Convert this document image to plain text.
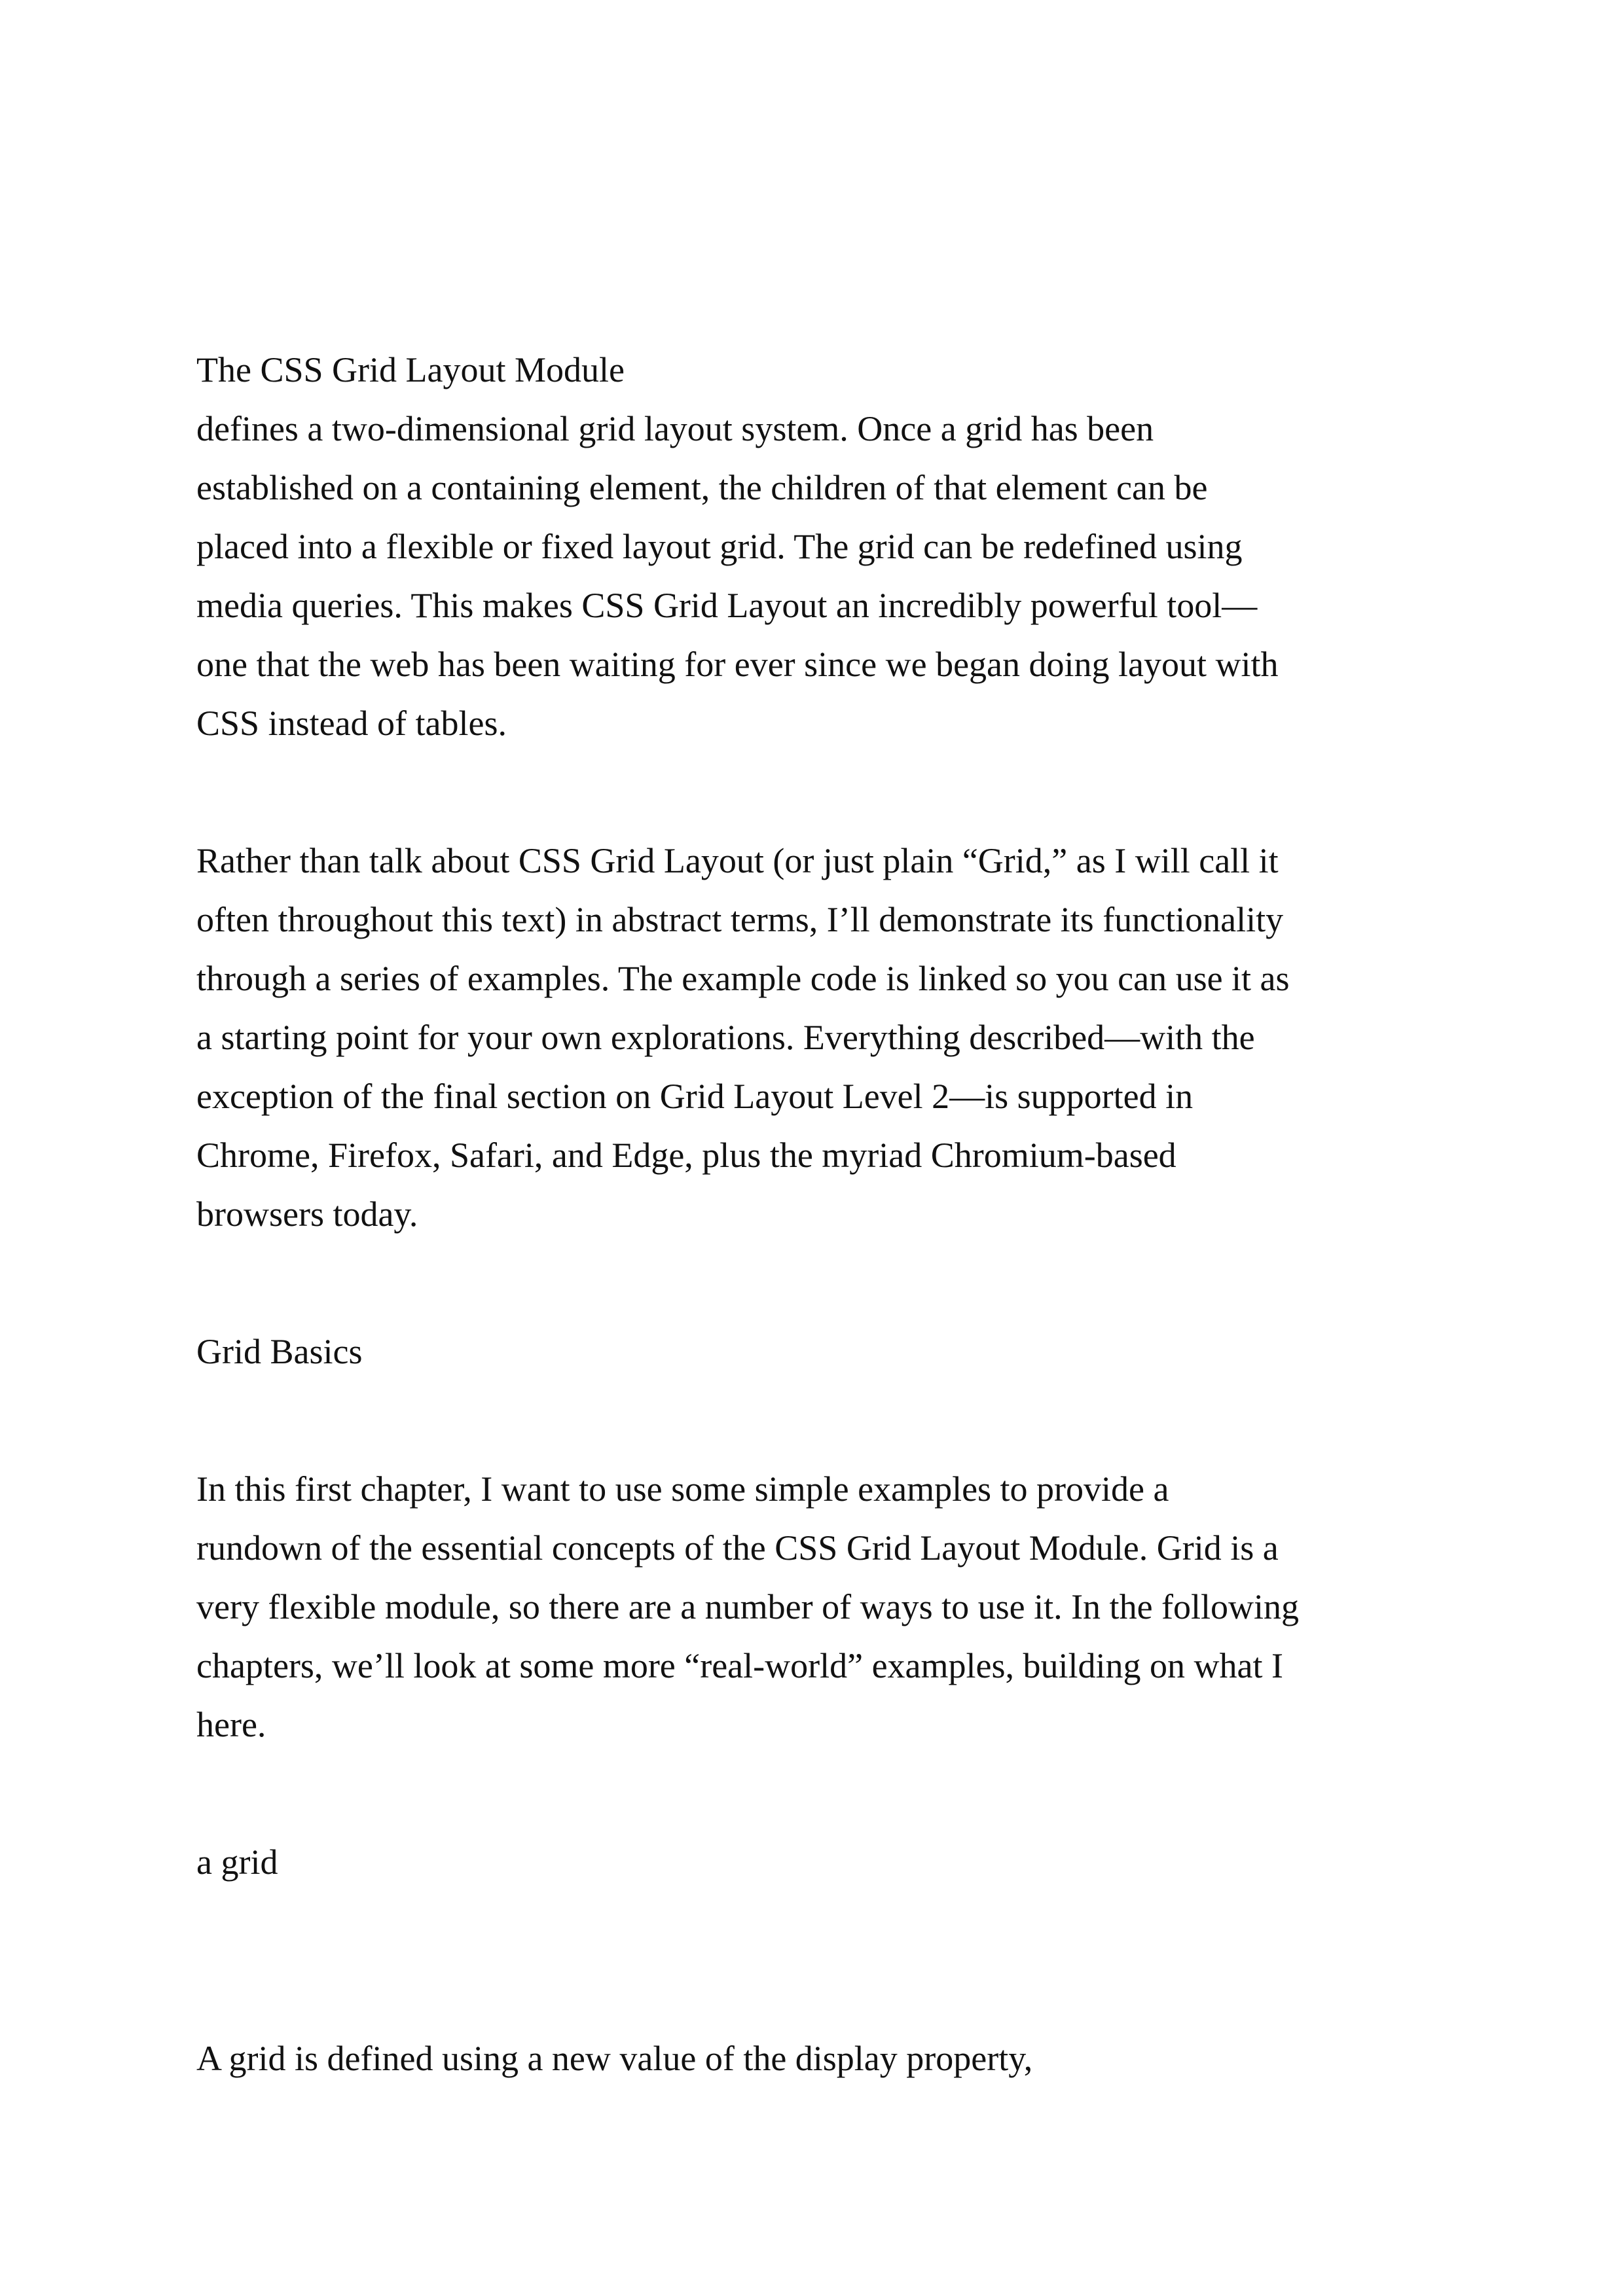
The CSS Grid Layout Module
defines a two-dimensional grid layout system. Once a grid has been
established on a containing element, the children of that element can be
placed into a flexible or fixed layout grid. The grid can be redefined using
media queries. This makes CSS Grid Layout an incredibly powerful tool—
one that the web has been waiting for ever since we began doing layout with
CSS instead of tables.
Rather than talk about CSS Grid Layout (or just plain “Grid,” as I will call it
often throughout this text) in abstract terms, I’ll demonstrate its functionality
through a series of examples. The example code is linked so you can use it as
a starting point for your own explorations. Everything described—with the
exception of the final section on Grid Layout Level 2—is supported in
Chrome, Firefox, Safari, and Edge, plus the myriad Chromium-based
browsers today.
Grid Basics
In this first chapter, I want to use some simple examples to provide a
rundown of the essential concepts of the CSS Grid Layout Module. Grid is a
very flexible module, so there are a number of ways to use it. In the following
chapters, we’ll look at some more “real-world” examples, building on what I
here.
a grid
A grid is defined using a new value of the display property,
